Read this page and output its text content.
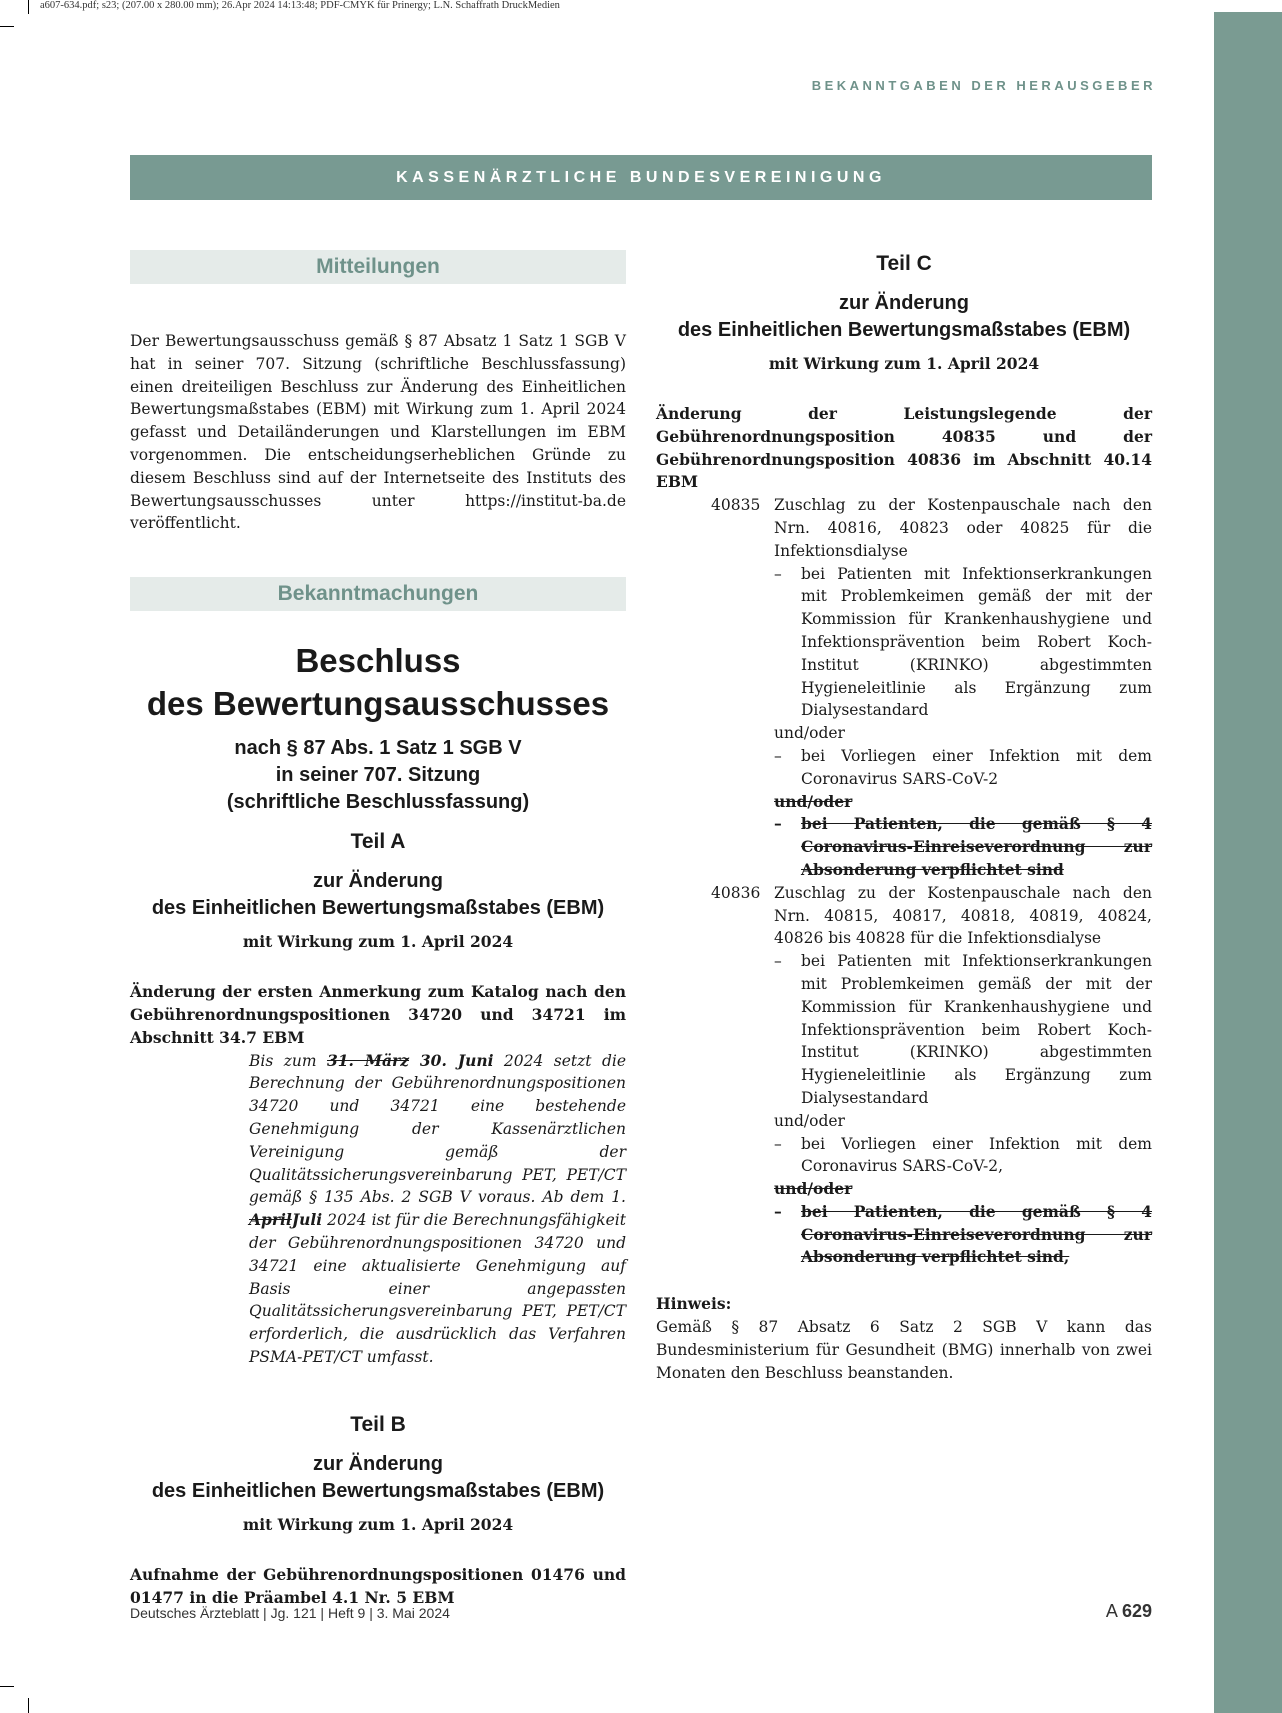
a607-634.pdf; s23; (207.00 x 280.00 mm); 26.Apr 2024 14:13:48; PDF-CMYK für Prinergy; L.N. Schaffrath DruckMedien
BEKANNTGABEN DER HERAUSGEBER
KASSENÄRZTLICHE BUNDESVEREINIGUNG
Mitteilungen

Der Bewertungsausschuss gemäß § 87 Absatz 1 Satz 1 SGB V hat in seiner 707. Sitzung (schriftliche Beschlussfassung) einen dreiteiligen Beschluss zur Änderung des Einheitlichen Bewertungsmaßstabes (EBM) mit Wirkung zum 1. April 2024 gefasst und Detailänderungen und Klarstellungen im EBM vorgenommen. Die entscheidungserheblichen Gründe zu diesem Beschluss sind auf der Internetseite des Instituts des Bewertungsausschusses unter https://institut-ba.de veröffentlicht.

Bekanntmachungen
Beschluss
des Bewertungsausschusses
nach § 87 Abs. 1 Satz 1 SGB V
in seiner 707. Sitzung
(schriftliche Beschlussfassung)
Teil A
zur Änderung
des Einheitlichen Bewertungsmaßstabes (EBM)
mit Wirkung zum 1. April 2024

Änderung der ersten Anmerkung zum Katalog nach den Gebührenordnungspositionen 34720 und 34721 im Abschnitt 34.7 EBM

Bis zum 31. März 30. Juni 2024 setzt die Berechnung der Gebührenordnungspositionen 34720 und 34721 eine bestehende Genehmigung der Kassenärztlichen Vereinigung gemäß der Qualitätssicherungsvereinbarung PET, PET/CT gemäß § 135 Abs. 2 SGB V voraus. Ab dem 1. AprilJuli 2024 ist für die Berechnungsfähigkeit der Gebührenordnungspositionen 34720 und 34721 eine aktualisierte Genehmigung auf Basis einer angepassten Qualitätssicherungsvereinbarung PET, PET/CT erforderlich, die ausdrücklich das Verfahren PSMA-PET/CT umfasst.

Teil B
zur Änderung
des Einheitlichen Bewertungsmaßstabes (EBM)
mit Wirkung zum 1. April 2024

Aufnahme der Gebührenordnungspositionen 01476 und 01477 in die Präambel 4.1 Nr. 5 EBM

Teil C
zur Änderung
des Einheitlichen Bewertungsmaßstabes (EBM)
mit Wirkung zum 1. April 2024

Änderung der Leistungslegende der Gebührenordnungsposition 40835 und der Gebührenordnungsposition 40836 im Abschnitt 40.14 EBM

40835 Zuschlag zu der Kostenpauschale nach den Nrn. 40816, 40823 oder 40825 für die Infektionsdialyse

– bei Patienten mit Infektionserkrankungen mit Problemkeimen gemäß der mit der Kommission für Krankenhaushygiene und Infektionsprävention beim Robert Koch-Institut (KRINKO) abgestimmten Hygieneleitlinie als Ergänzung zum Dialysestandard
und/oder
– bei Vorliegen einer Infektion mit dem Coronavirus SARS-CoV-2
und/oder
– bei Patienten, die gemäß § 4 Coronavirus-Einreiseverordnung zur Absonderung verpflichtet sind
40836 Zuschlag zu der Kostenpauschale nach den Nrn. 40815, 40817, 40818, 40819, 40824, 40826 bis 40828 für die Infektionsdialyse

– bei Patienten mit Infektionserkrankungen mit Problemkeimen gemäß der mit der Kommission für Krankenhaushygiene und Infektionsprävention beim Robert Koch-Institut (KRINKO) abgestimmten Hygieneleitlinie als Ergänzung zum Dialysestandard
und/oder
– bei Vorliegen einer Infektion mit dem Coronavirus SARS-CoV-2,
und/oder
– bei Patienten, die gemäß § 4 Coronavirus-Einreiseverordnung zur Absonderung verpflichtet sind,

Hinweis:

Gemäß § 87 Absatz 6 Satz 2 SGB V kann das Bundesministerium für Gesundheit (BMG) innerhalb von zwei Monaten den Beschluss beanstanden.

Deutsches Ärzteblatt | Jg. 121 | Heft 9 | 3. Mai 2024	A 629
